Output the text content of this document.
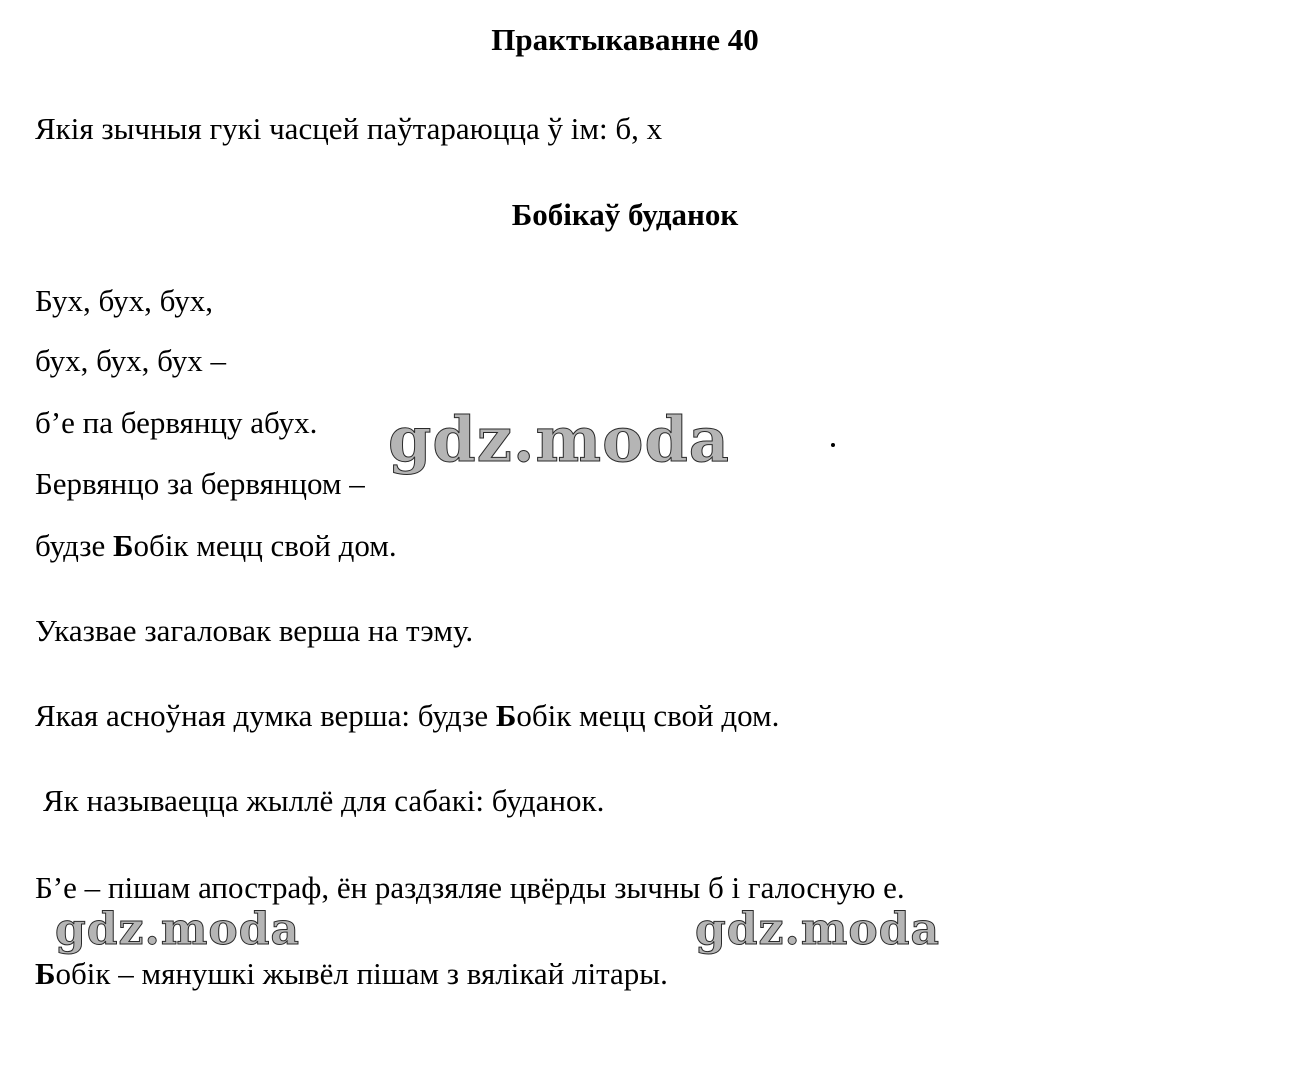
Практыкаванне 40
Якія зычныя гукі часцей паўтараюцца ў ім: б, х
Бобікаў буданок
Бух, бух, бух,
бух, бух, бух –
б’е па бервянцу абух.
Бервянцо за бервянцом –
будзе Бобік мецц свой дом.
Указвае загаловак верша на тэму.
Якая асноўная думка верша: будзе Бобік мецц свой дом.
Як называецца жыллё для сабакі: буданок.
Б’е – пішам апостраф, ён раздзяляе цвёрды зычны б і галосную е.
Бобік – мянушкі жывёл пішам з вялікай літары.
gdz.moda
gdz.moda	gdz.moda
